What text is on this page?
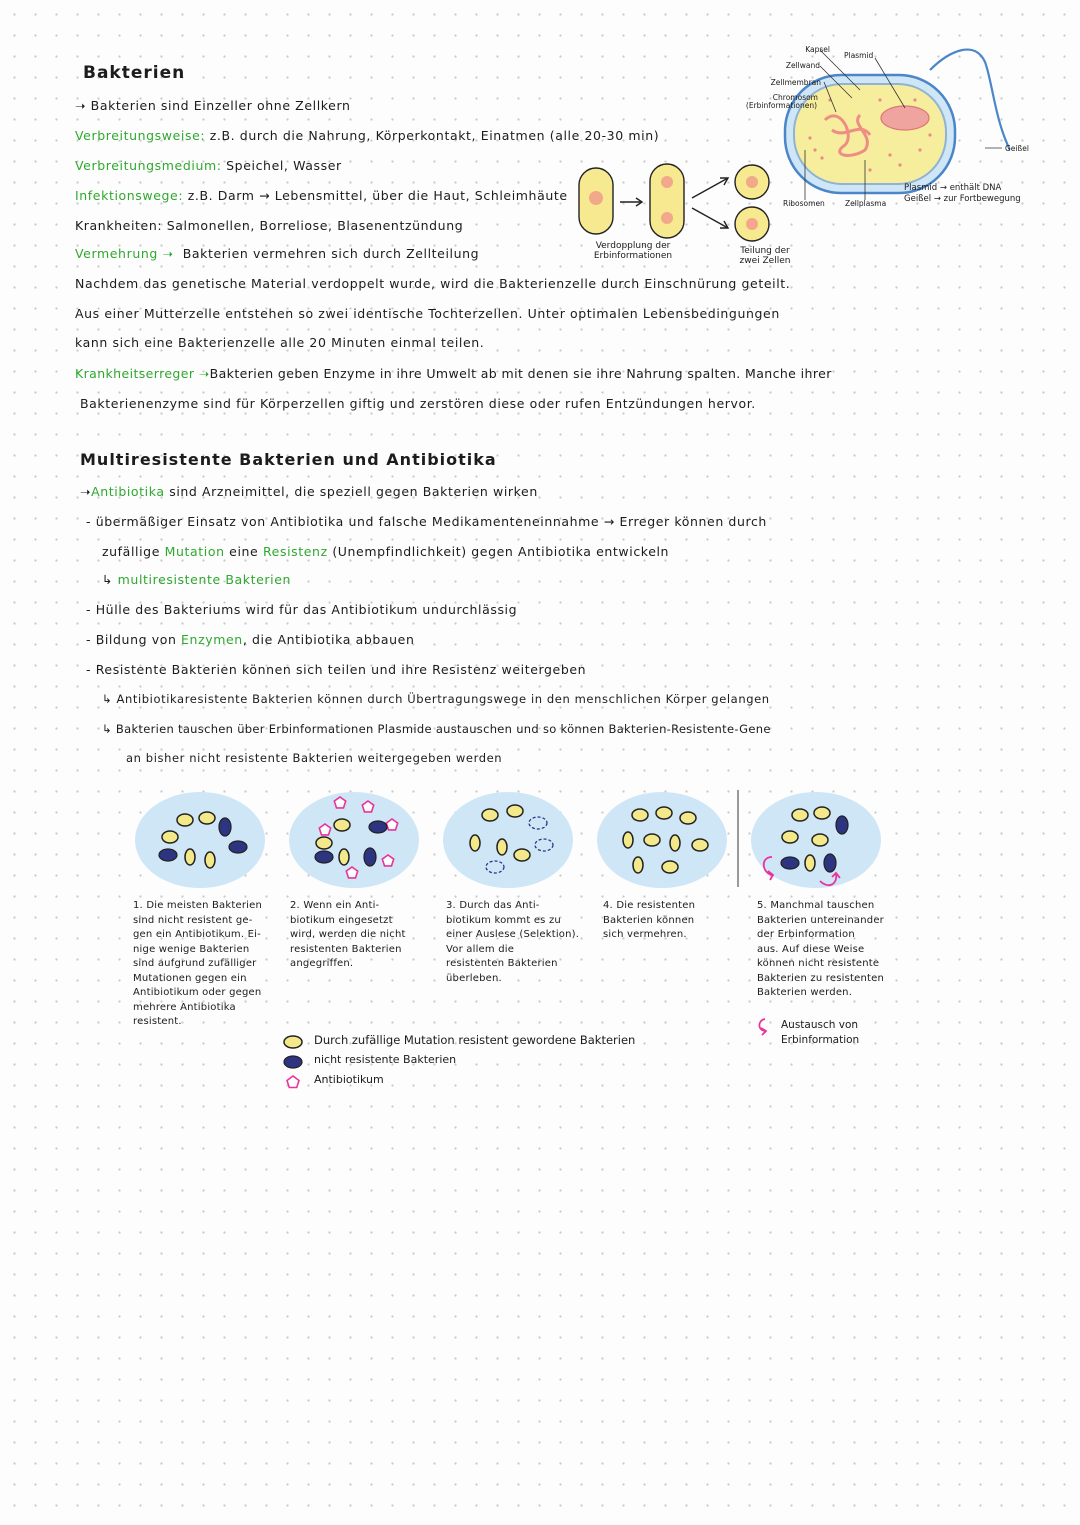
Bakterien
➝ Bakterien sind Einzeller ohne Zellkern
Verbreitungsweise: z.B. durch die Nahrung, Körperkontakt, Einatmen (alle 20-30 min)
Verbreitungsmedium: Speichel, Wasser
Infektionswege: z.B. Darm → Lebensmittel, über die Haut, Schleimhäute
Krankheiten: Salmonellen, Borreliose, Blasenentzündung
Vermehrung ➝ Bakterien vermehren sich durch Zellteilung
Nachdem das genetische Material verdoppelt wurde, wird die Bakterienzelle durch Einschnürung geteilt.
Aus einer Mutterzelle entstehen so zwei identische Tochterzellen. Unter optimalen Lebensbedingungen
kann sich eine Bakterienzelle alle 20 Minuten einmal teilen.
Krankheitserreger ➝Bakterien geben Enzyme in ihre Umwelt ab mit denen sie ihre Nahrung spalten. Manche ihrer
Bakterienenzyme sind für Körperzellen giftig und zerstören diese oder rufen Entzündungen hervor.
Verdopplung der
Erbinformationen	Teilung der
zwei Zellen
Kapsel
Zellwand
Zellmembran
Chromosom
(Erbinformationen)
Plasmid
Geißel
Ribosomen	Zellplasma
Plasmid → enthält DNA
Geißel → zur Fortbewegung
Multiresistente Bakterien und Antibiotika
➝Antibiotika sind Arzneimittel, die speziell gegen Bakterien wirken
- übermäßiger Einsatz von Antibiotika und falsche Medikamenteneinnahme → Erreger können durch
zufällige Mutation eine Resistenz (Unempfindlichkeit) gegen Antibiotika entwickeln
↳ multiresistente Bakterien
- Hülle des Bakteriums wird für das Antibiotikum undurchlässig
- Bildung von Enzymen, die Antibiotika abbauen
- Resistente Bakterien können sich teilen und ihre Resistenz weitergeben
↳ Antibiotikaresistente Bakterien können durch Übertragungswege in den menschlichen Körper gelangen
↳ Bakterien tauschen über Erbinformationen Plasmide austauschen und so können Bakterien-Resistente-Gene
an bisher nicht resistente Bakterien weitergegeben werden
1. Die meisten Bakterien
sind nicht resistent ge-
gen ein Antibiotikum. Ei-
nige wenige Bakterien
sind aufgrund zufälliger
Mutationen gegen ein
Antibiotikum oder gegen
mehrere Antibiotika
resistent.
2. Wenn ein Anti-
biotikum eingesetzt
wird, werden die nicht
resistenten Bakterien
angegriffen.
3. Durch das Anti-
biotikum kommt es zu
einer Auslese (Selektion).
Vor allem die
resistenten Bakterien
überleben.
4. Die resistenten
Bakterien können
sich vermehren.
5. Manchmal tauschen
Bakterien untereinander
der Erbinformation
aus. Auf diese Weise
können nicht resistente
Bakterien zu resistenten
Bakterien werden.
Durch zufällige Mutation resistent gewordene Bakterien
nicht resistente Bakterien
Antibiotikum
Austausch von
Erbinformation
